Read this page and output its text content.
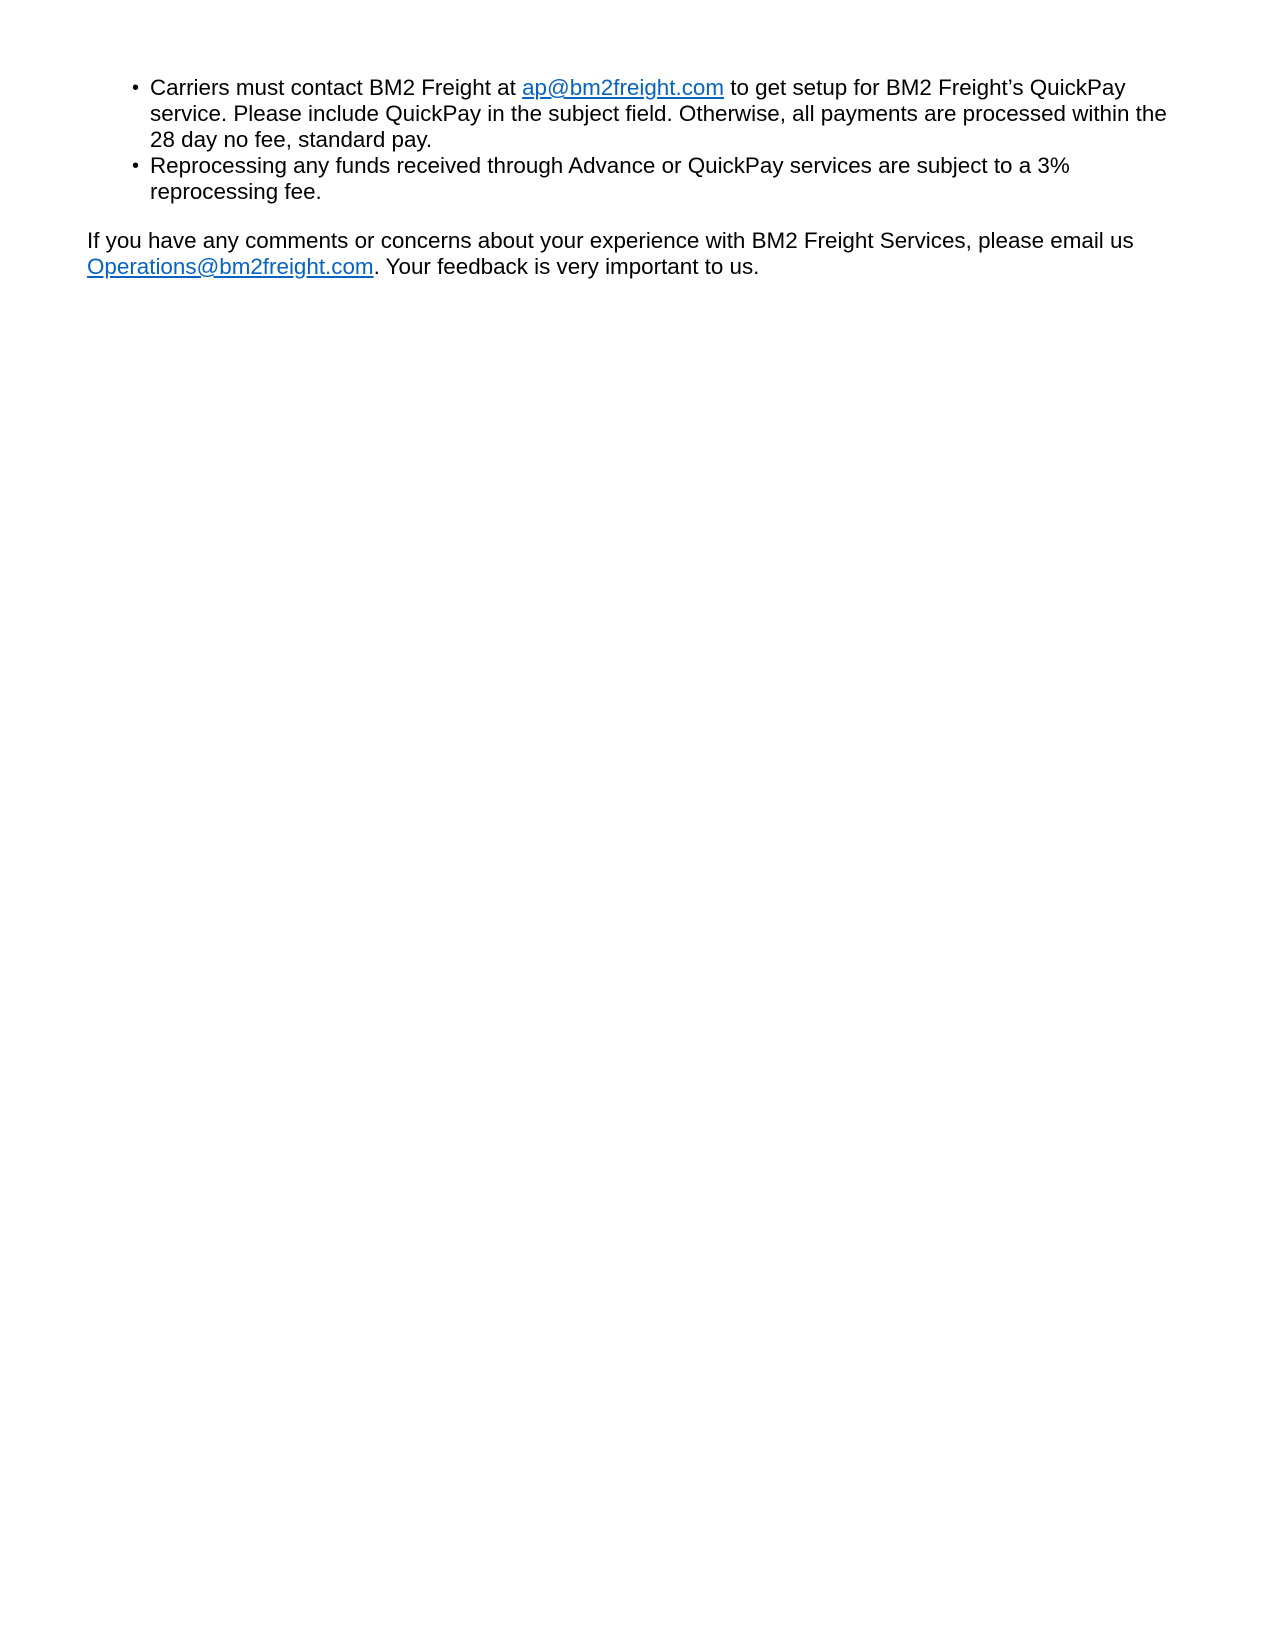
• Carriers must contact BM2 Freight at ap@bm2freight.com to get setup for BM2 Freight’s QuickPay service. Please include QuickPay in the subject field. Otherwise, all payments are processed within the 28 day no fee, standard pay.
• Reprocessing any funds received through Advance or QuickPay services are subject to a 3% reprocessing fee.

If you have any comments or concerns about your experience with BM2 Freight Services, please email us Operations@bm2freight.com. Your feedback is very important to us.
